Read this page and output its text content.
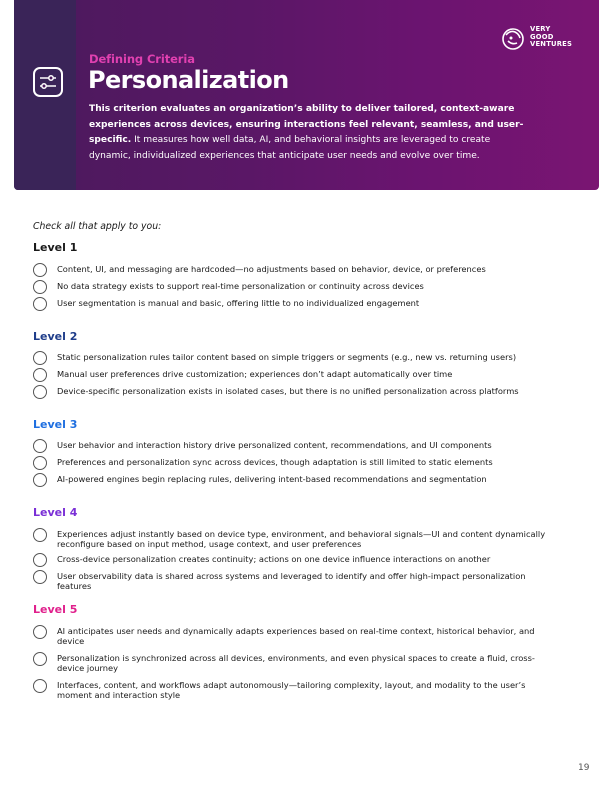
Defining Criteria
Personalization
This criterion evaluates an organization’s ability to deliver tailored, context-aware experiences across devices, ensuring interactions feel relevant, seamless, and user-specific. It measures how well data, AI, and behavioral insights are leveraged to create dynamic, individualized experiences that anticipate user needs and evolve over time.
VERY
GOOD
VENTURES
Check all that apply to you:
Level 1
Content, UI, and messaging are hardcoded—no adjustments based on behavior, device, or preferences
No data strategy exists to support real-time personalization or continuity across devices
User segmentation is manual and basic, offering little to no individualized engagement
Level 2
Static personalization rules tailor content based on simple triggers or segments (e.g., new vs. returning users)
Manual user preferences drive customization; experiences don’t adapt automatically over time
Device-specific personalization exists in isolated cases, but there is no unified personalization across platforms
Level 3
User behavior and interaction history drive personalized content, recommendations, and UI components
Preferences and personalization sync across devices, though adaptation is still limited to static elements
AI-powered engines begin replacing rules, delivering intent-based recommendations and segmentation
Level 4
Experiences adjust instantly based on device type, environment, and behavioral signals—UI and content dynamically reconfigure based on input method, usage context, and user preferences
Cross-device personalization creates continuity; actions on one device influence interactions on another
User observability data is shared across systems and leveraged to identify and offer high-impact personalization features
Level 5
AI anticipates user needs and dynamically adapts experiences based on real-time context, historical behavior, and device
Personalization is synchronized across all devices, environments, and even physical spaces to create a fluid, cross-device journey
Interfaces, content, and workflows adapt autonomously—tailoring complexity, layout, and modality to the user’s moment and interaction style
19
